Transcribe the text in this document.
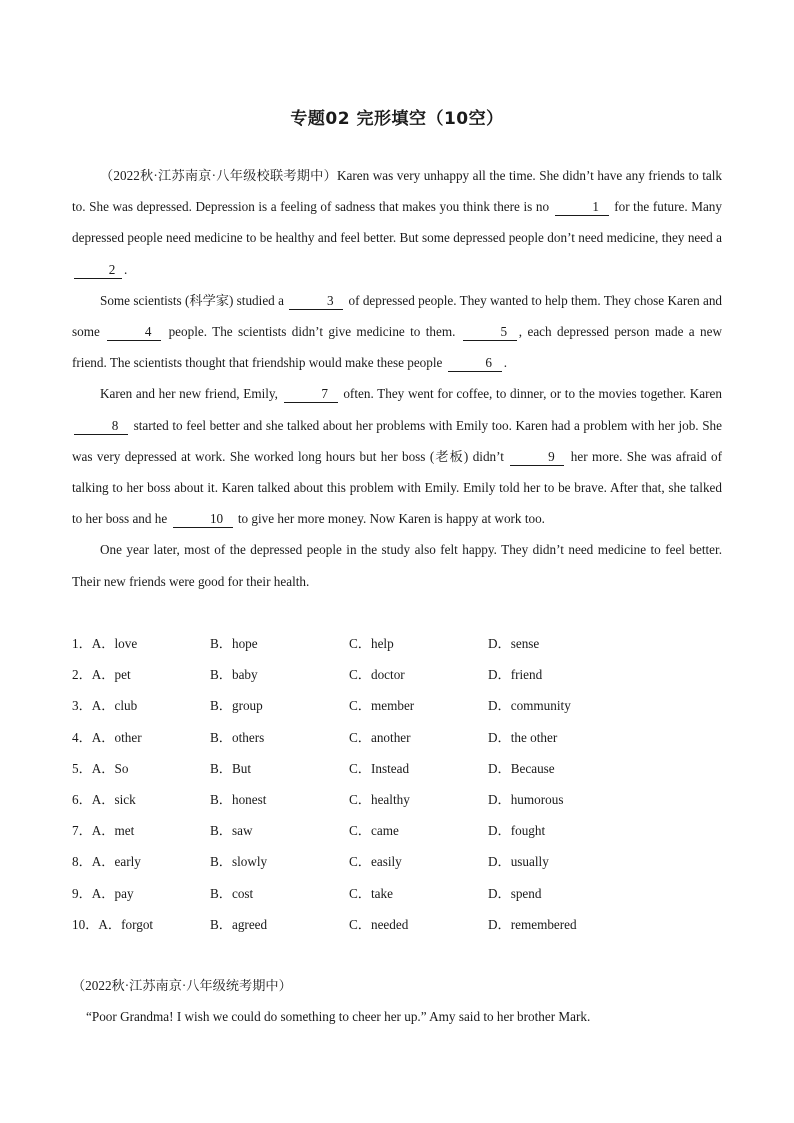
专题02 完形填空（10空）

（2022秋·江苏南京·八年级校联考期中）Karen was very unhappy all the time. She didn’t have any friends to talk to. She was depressed. Depression is a feeling of sadness that makes you think there is no	1 for the future. Many depressed people need medicine to be healthy and feel better. But some depressed people don’t need medicine, they need a 2 .

Some scientists (科学家) studied a	3 of depressed people. They wanted to help them. They chose Karen and some	4 people. The scientists didn’t give medicine to them.	5 , each depressed person made a new friend. The scientists thought that friendship would make these people	6 .

Karen and her new friend, Emily,	7 often. They went for coffee, to dinner, or to the movies together. Karen 8 started to feel better and she talked about her problems with Emily too. Karen had a problem with her job. She was very depressed at work. She worked long hours but her boss (老板) didn’t	9 her more. She was afraid of talking to her boss about it. Karen talked about this problem with Emily. Emily told her to be brave. After that, she talked to her boss and he	10 to give her more money. Now Karen is happy at work too.

One year later, most of the depressed people in the study also felt happy. They didn’t need medicine to feel better. Their new friends were good for their health.

1．A．love	B．hope	C．help	D．sense
2．A．pet	B．baby	C．doctor	D．friend
3．A．club	B．group	C．member	D．community
4．A．other	B．others	C．another	D．the other
5．A．So	B．But	C．Instead	D．Because
6．A．sick	B．honest	C．healthy	D．humorous
7．A．met	B．saw	C．came	D．fought
8．A．early	B．slowly	C．easily	D．usually
9．A．pay	B．cost	C．take	D．spend
10．A．forgot	B．agreed	C．needed	D．remembered

（2022秋·江苏南京·八年级统考期中）

“Poor Grandma! I wish we could do something to cheer her up.” Amy said to her brother Mark.
